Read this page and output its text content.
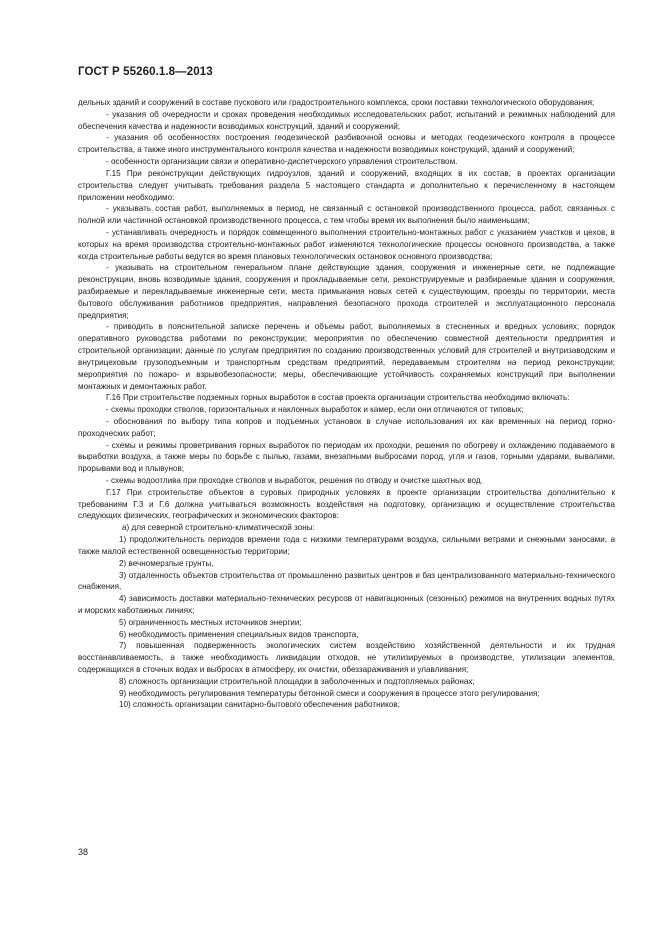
ГОСТ Р 55260.1.8—2013

дельных зданий и сооружений в составе пускового или градостроительного комплекса, сроки поставки технологического оборудования;

- указания об очередности и сроках проведения необходимых исследовательских работ, испытаний и режимных наблюдений для обеспечения качества и надежности возводимых конструкций, зданий и сооружений;

- указания об особенностях построения геодезической разбивочной основы и методах геодезического контроля в процессе строительства, а также иного инструментального контроля качества и надежности возводимых конструкций, зданий и сооружений;

- особенности организации связи и оперативно-диспетчерского управления строительством.

Г.15 При реконструкции действующих гидроузлов, зданий и сооружений, входящих в их состав, в проектах организации строительства следует учитывать требования раздела 5 настоящего стандарта и дополнительно к перечисленному в настоящем приложении необходимо:

- указывать состав работ, выполняемых в период, не связанный с остановкой производственного процесса, работ, связанных с полной или частичной остановкой производственного процесса, с тем чтобы время их выполнения было наименьшим;

- устанавливать очередность и порядок совмещенного выполнения строительно-монтажных работ с указанием участков и цехов, в которых на время производства строительно-монтажных работ изменяются технологические процессы основного производства, а также когда строительные работы ведутся во время плановых технологических остановок основного производства;

- указывать на строительном генеральном плане действующие здания, сооружения и инженерные сети, не подлежащие реконструкции, вновь возводимые здания, сооружения и прокладываемые сети, реконструируемые и разбираемые здания и сооружения, разбираемые и перекладываемые инженерные сети, места примыкания новых сетей к существующим, проезды по территории, места бытового обслуживания работников предприятия, направления безопасного прохода строителей и эксплуатационного персонала предприятия;

- приводить в пояснительной записке перечень и объемы работ, выполняемых в стесненных и вредных условиях; порядок оперативного руководства работами по реконструкции; мероприятия по обеспечению совместной деятельности предприятия и строительной организации; данные по услугам предприятия по созданию производственных условий для строителей и внутризаводским и внутрицеховым грузоподъемным и транспортным средствам предприятий, передаваемым строителям на период реконструкции; мероприятия по пожаро- и взрывобезопасности; меры, обеспечивающие устойчивость сохраняемых конструкций при выполнении монтажных и демонтажных работ.

Г.16 При строительстве подземных горных выработок в состав проекта организации строительства необходимо включать:

- схемы проходки стволов, горизонтальных и наклонных выработок и камер, если они отличаются от типовых;

- обоснования по выбору типа копров и подъемных установок в случае использования их как временных на период горно-проходческих работ;

- схемы и режимы проветривания горных выработок по периодам их проходки, решения по обогреву и охлаждению подаваемого в выработки воздуха, а также меры по борьбе с пылью, газами, внезапными выбросами пород, угля и газов, горными ударами, вывалами, прорывами вод и плывунов;

- схемы водоотлива при проходке стволов и выработок, решения по отводу и очистке шахтных вод.

Г.17 При строительстве объектов в суровых природных условиях в проекте организации строительства дополнительно к требованиям Г.3 и Г.6 должна учитываться возможность воздействия на подготовку, организацию и осуществление строительства следующих физических, географических и экономических факторов:

а) для северной строительно-климатической зоны:

1) продолжительность периодов времени года с низкими температурами воздуха, сильными ветрами и снежными заносами, а также малой естественной освещенностью территории;

2) вечномерзлые грунты,

3) отдаленность объектов строительства от промышленно развитых центров и баз централизованного материально-технического снабжения,

4) зависимость доставки материально-технических ресурсов от навигационных (сезонных) режимов на внутренних водных путях и морских каботажных линиях;

5) ограниченность местных источников энергии;

6) необходимость применения специальных видов транспорта,

7) повышенная подверженность экологических систем воздействию хозяйственной деятельности и их трудная восстанавливаемость, а также необходимость ликвидации отходов, не утилизируемых в производстве, утилизации элементов, содержащихся в сточных водах и выбросах в атмосферу, их очистки, обеззараживания и улавливания;

8) сложность организации строительной площадки в заболоченных и подтопляемых районах;

9) необходимость регулирования температуры бетонной смеси и сооружения в процессе этого регулирования;

10) сложность организации санитарно-бытового обеспечения работников;

38
